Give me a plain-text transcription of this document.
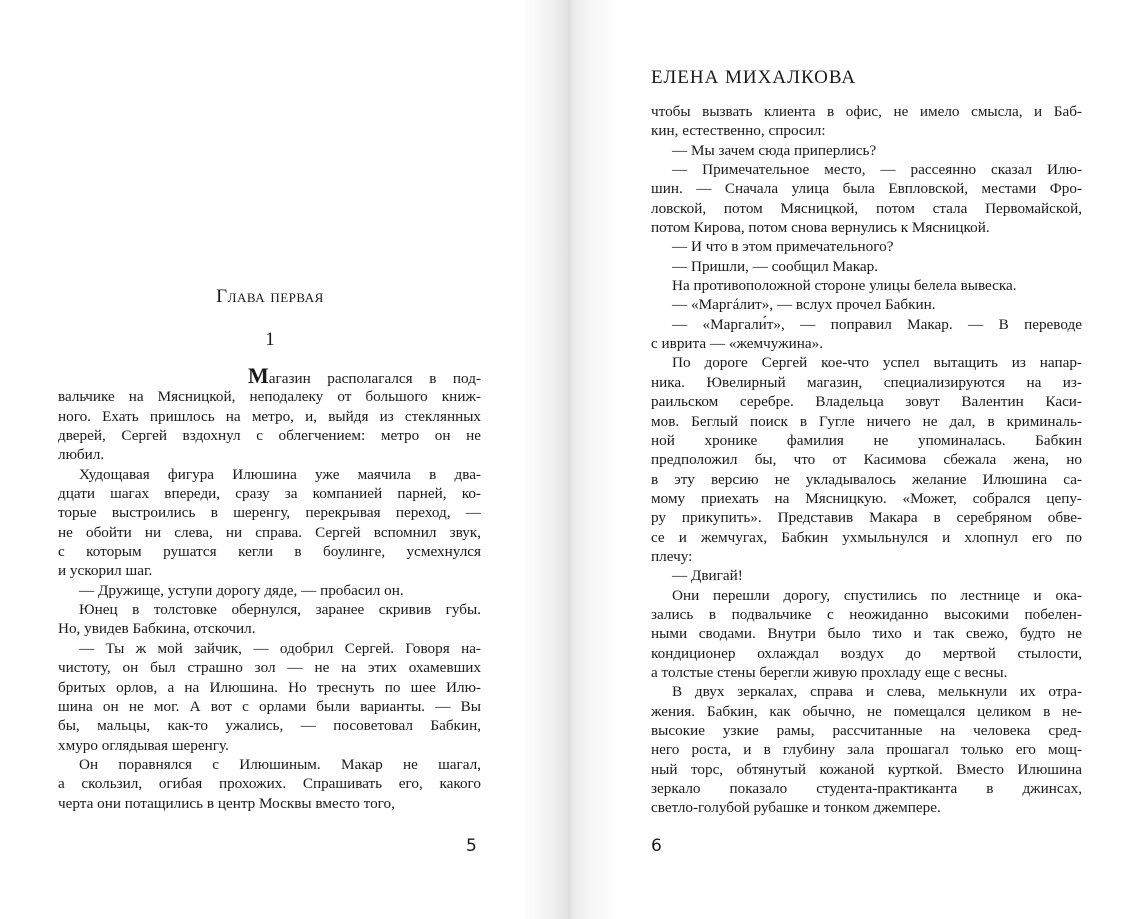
Глава первая
1
Магазин располагался в под-
вальчике на Мясницкой, неподалеку от большого книж-
ного. Ехать пришлось на метро, и, выйдя из стеклянных
дверей, Сергей вздохнул с облегчением: метро он не
любил.
Худощавая фигура Илюшина уже маячила в два-
дцати шагах впереди, сразу за компанией парней, ко-
торые выстроились в шеренгу, перекрывая переход, —
не обойти ни слева, ни справа. Сергей вспомнил звук,
с которым рушатся кегли в боулинге, усмехнулся
и ускорил шаг.
— Дружище, уступи дорогу дяде, — пробасил он.
Юнец в толстовке обернулся, заранее скривив губы.
Но, увидев Бабкина, отскочил.
— Ты ж мой зайчик, — одобрил Сергей. Говоря на-
чистоту, он был страшно зол — не на этих охамевших
бритых орлов, а на Илюшина. Но треснуть по шее Илю-
шина он не мог. А вот с орлами были варианты. — Вы
бы, мальцы, как-то ужались, — посоветовал Бабкин,
хмуро оглядывая шеренгу.
Он поравнялся с Илюшиным. Макар не шагал,
а скользил, огибая прохожих. Спрашивать его, какого
черта они потащились в центр Москвы вместо того,
5
ЕЛЕНА МИХАЛКОВА
чтобы вызвать клиента в офис, не имело смысла, и Баб-
кин, естественно, спросил:
— Мы зачем сюда приперлись?
— Примечательное место, — рассеянно сказал Илю-
шин. — Сначала улица была Евпловской, местами Фро-
ловской, потом Мясницкой, потом стала Первомайской,
потом Кирова, потом снова вернулись к Мясницкой.
— И что в этом примечательного?
— Пришли, — сообщил Макар.
На противоположной стороне улицы белела вывеска.
— «Маргáлит», — вслух прочел Бабкин.
— «Маргали́т», — поправил Макар. — В переводе
с иврита — «жемчужина».
По дороге Сергей кое-что успел вытащить из напар-
ника. Ювелирный магазин, специализируются на из-
раильском серебре. Владельца зовут Валентин Каси-
мов. Беглый поиск в Гугле ничего не дал, в криминаль-
ной хронике фамилия не упоминалась. Бабкин
предположил бы, что от Касимова сбежала жена, но
в эту версию не укладывалось желание Илюшина са-
мому приехать на Мясницкую. «Может, собрался цепу-
ру прикупить». Представив Макара в серебряном обве-
се и жемчугах, Бабкин ухмыльнулся и хлопнул его по
плечу:
— Двигай!
Они перешли дорогу, спустились по лестнице и ока-
зались в подвальчике с неожиданно высокими побелен-
ными сводами. Внутри было тихо и так свежо, будто не
кондиционер охлаждал воздух до мертвой стылости,
а толстые стены берегли живую прохладу еще с весны.
В двух зеркалах, справа и слева, мелькнули их отра-
жения. Бабкин, как обычно, не помещался целиком в не-
высокие узкие рамы, рассчитанные на человека сред-
него роста, и в глубину зала прошагал только его мощ-
ный торс, обтянутый кожаной курткой. Вместо Илюшина
зеркало показало студента-практиканта в джинсах,
светло-голубой рубашке и тонком джемпере.
6
